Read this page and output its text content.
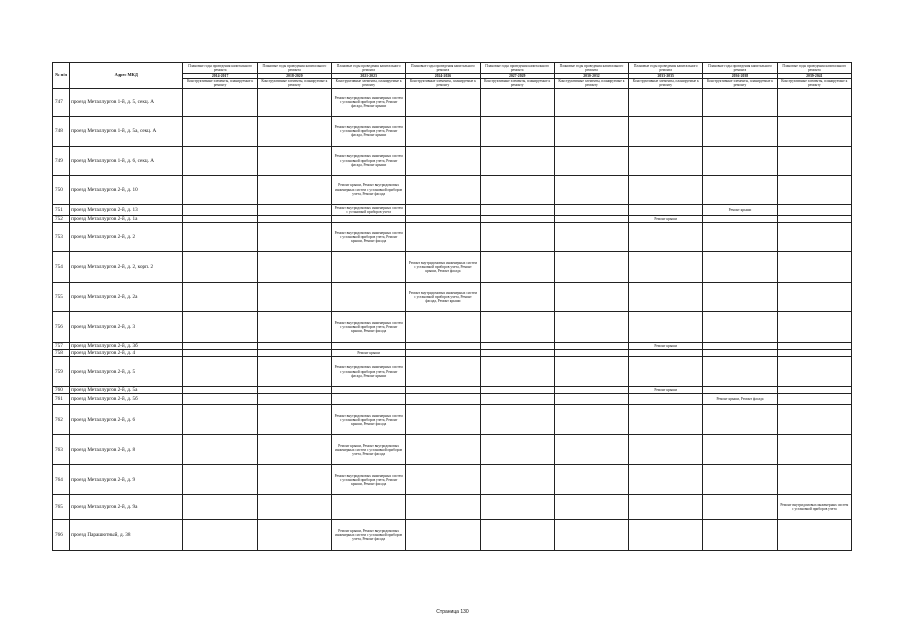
№ п/п	Адрес МКД	Плановые годы проведения капитального ремонта	Плановые годы проведения капитального ремонта	Плановые годы проведения капитального ремонта	Плановые годы проведения капитального ремонта	Плановые годы проведения капитального ремонта	Плановые годы проведения капитального ремонта	Плановые годы проведения капитального ремонта	Плановые годы проведения капитального ремонта	Плановые годы проведения капитального ремонта
		2014-2017	2018-2020	2021-2023	2024-2026	2027-2029	2030-2032	2033-2035	2036-2038	2039-2041
		Конструктивные элементы, планируемые к ремонту	Конструктивные элементы, планируемые к ремонту	Конструктивные элементы, планируемые к ремонту	Конструктивные элементы, планируемые к ремонту	Конструктивные элементы, планируемые к ремонту	Конструктивные элементы, планируемые к ремонту	Конструктивные элементы, планируемые к ремонту	Конструктивные элементы, планируемые к ремонту	Конструктивные элементы, планируемые к ремонту
747	проезд Металлургов 1-й, д. 5, секц. А			Ремонт внутридомовых инженерных систем с установкой приборов учета, Ремонт фасада, Ремонт крыши						
748	проезд Металлургов 1-й, д. 5а, секц. А			Ремонт внутридомовых инженерных систем с установкой приборов учета, Ремонт фасада, Ремонт крыши						
749	проезд Металлургов 1-й, д. 6, секц. А			Ремонт внутридомовых инженерных систем с установкой приборов учета, Ремонт фасада, Ремонт крыши						
750	проезд Металлургов 2-й, д. 10			Ремонт крыши, Ремонт внутридомовых инженерных систем с установкой приборов учета, Ремонт фасада						
751	проезд Металлургов 2-й, д. 13			Ремонт внутридомовых инженерных систем с установкой приборов учета					Ремонт крыши	
752	проезд Металлургов 2-й, д. 1а							Ремонт крыши		
753	проезд Металлургов 2-й, д. 2			Ремонт внутридомовых инженерных систем с установкой приборов учета, Ремонт крыши, Ремонт фасада						
754	проезд Металлургов 2-й, д. 2, корп. 2				Ремонт внутридомовых инженерных систем с установкой приборов учета, Ремонт крыши, Ремонт фасада					
755	проезд Металлургов 2-й, д. 2а				Ремонт внутридомовых инженерных систем с установкой приборов учета, Ремонт фасада, Ремонт крыши					
756	проезд Металлургов 2-й, д. 3			Ремонт внутридомовых инженерных систем с установкой приборов учета, Ремонт крыши, Ремонт фасада						
757	проезд Металлургов 2-й, д. 3б							Ремонт крыши		
758	проезд Металлургов 2-й, д. 4			Ремонт крыши						
759	проезд Металлургов 2-й, д. 5			Ремонт внутридомовых инженерных систем с установкой приборов учета, Ремонт фасада, Ремонт крыши						
760	проезд Металлургов 2-й, д. 5а							Ремонт крыши		
761	проезд Металлургов 2-й, д. 5б								Ремонт крыши, Ремонт фасада	
762	проезд Металлургов 2-й, д. 6			Ремонт внутридомовых инженерных систем с установкой приборов учета, Ремонт крыши, Ремонт фасада						
763	проезд Металлургов 2-й, д. 8			Ремонт крыши, Ремонт внутридомовых инженерных систем с установкой приборов учета, Ремонт фасада						
764	проезд Металлургов 2-й, д. 9			Ремонт внутридомовых инженерных систем с установкой приборов учета, Ремонт крыши, Ремонт фасада						
765	проезд Металлургов 2-й, д. 9а									Ремонт внутридомовых инженерных систем с установкой приборов учета
766	проезд Парашютный, д. 38			Ремонт крыши, Ремонт внутридомовых инженерных систем с установкой приборов учета, Ремонт фасада						
Страница 130
